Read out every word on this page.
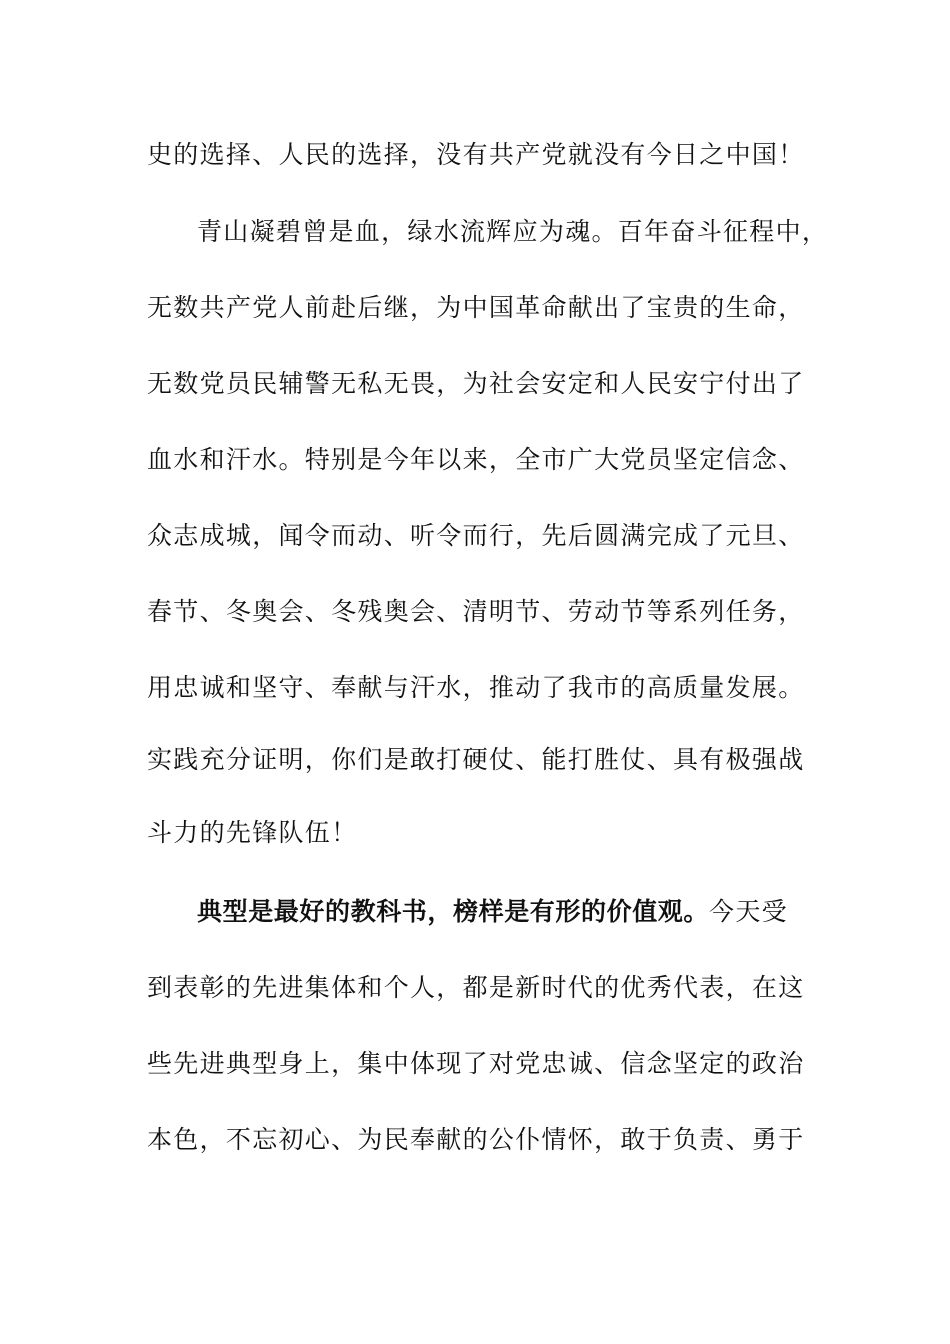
史的选择、人民的选择，没有共产党就没有今日之中国！
青山凝碧曾是血，绿水流辉应为魂。百年奋斗征程中，
无数共产党人前赴后继，为中国革命献出了宝贵的生命，
无数党员民辅警无私无畏，为社会安定和人民安宁付出了
血水和汗水。特别是今年以来，全市广大党员坚定信念、
众志成城，闻令而动、听令而行，先后圆满完成了元旦、
春节、冬奥会、冬残奥会、清明节、劳动节等系列任务，
用忠诚和坚守、奉献与汗水，推动了我市的高质量发展。
实践充分证明，你们是敢打硬仗、能打胜仗、具有极强战
斗力的先锋队伍！
典型是最好的教科书，榜样是有形的价值观。今天受
到表彰的先进集体和个人，都是新时代的优秀代表，在这
些先进典型身上，集中体现了对党忠诚、信念坚定的政治
本色，不忘初心、为民奉献的公仆情怀，敢于负责、勇于
